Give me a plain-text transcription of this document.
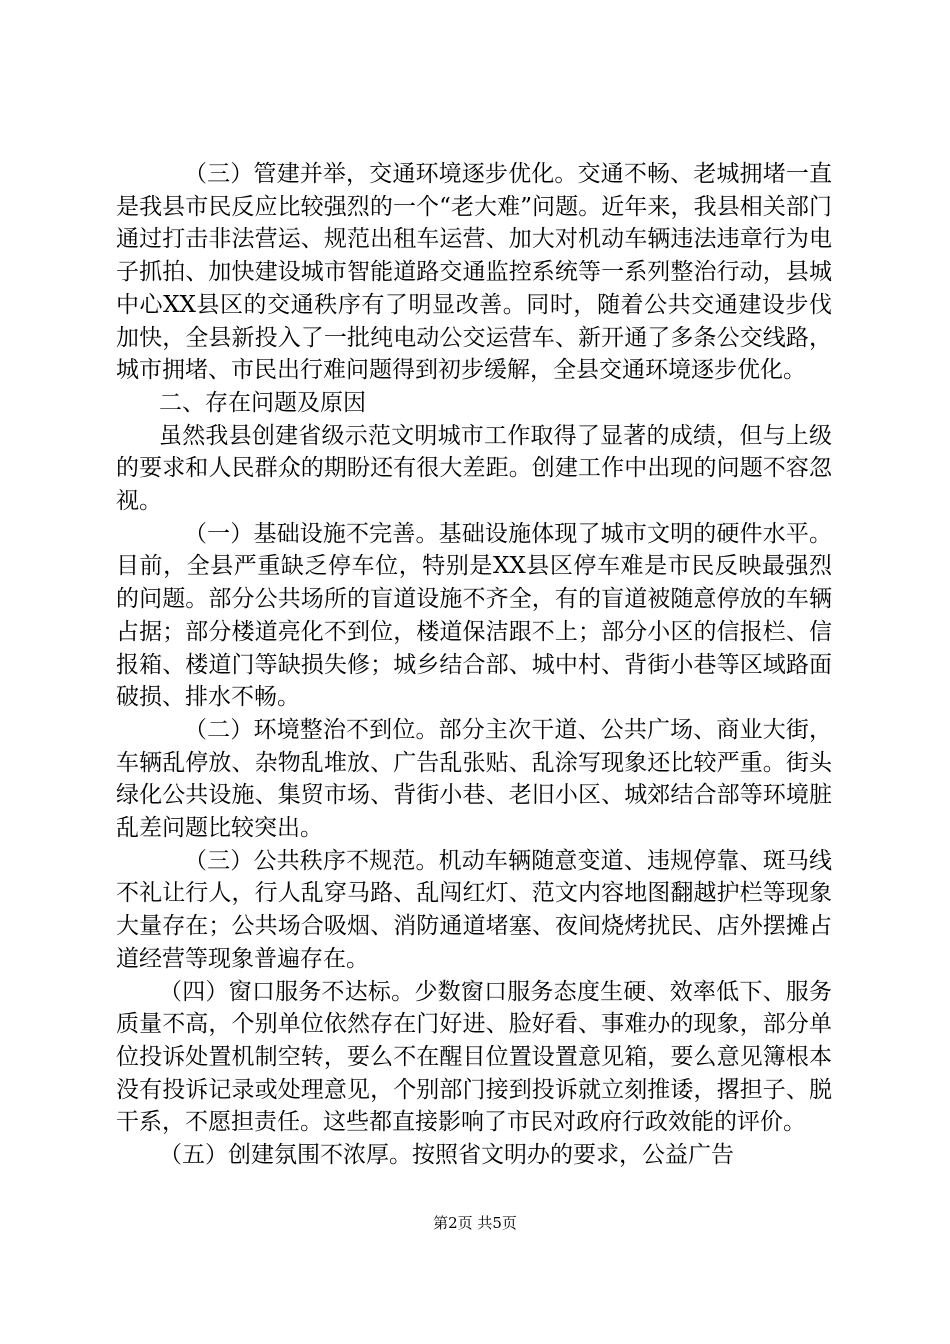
（三）管建并举，交通环境逐步优化。交通不畅、老城拥堵一直是我县市民反应比较强烈的一个“老大难”问题。近年来，我县相关部门通过打击非法营运、规范出租车运营、加大对机动车辆违法违章行为电子抓拍、加快建设城市智能道路交通监控系统等一系列整治行动，县城中心XX县区的交通秩序有了明显改善。同时，随着公共交通建设步伐加快，全县新投入了一批纯电动公交运营车、新开通了多条公交线路，城市拥堵、市民出行难问题得到初步缓解，全县交通环境逐步优化。

二、存在问题及原因

虽然我县创建省级示范文明城市工作取得了显著的成绩，但与上级的要求和人民群众的期盼还有很大差距。创建工作中出现的问题不容忽视。

（一）基础设施不完善。基础设施体现了城市文明的硬件水平。目前，全县严重缺乏停车位，特别是XX县区停车难是市民反映最强烈的问题。部分公共场所的盲道设施不齐全，有的盲道被随意停放的车辆占据；部分楼道亮化不到位，楼道保洁跟不上；部分小区的信报栏、信报箱、楼道门等缺损失修；城乡结合部、城中村、背街小巷等区域路面破损、排水不畅。

（二）环境整治不到位。部分主次干道、公共广场、商业大街，车辆乱停放、杂物乱堆放、广告乱张贴、乱涂写现象还比较严重。街头绿化公共设施、集贸市场、背街小巷、老旧小区、城郊结合部等环境脏乱差问题比较突出。

（三）公共秩序不规范。机动车辆随意变道、违规停靠、斑马线不礼让行人，行人乱穿马路、乱闯红灯、范文内容地图翻越护栏等现象大量存在；公共场合吸烟、消防通道堵塞、夜间烧烤扰民、店外摆摊占道经营等现象普遍存在。

（四）窗口服务不达标。少数窗口服务态度生硬、效率低下、服务质量不高，个别单位依然存在门好进、脸好看、事难办的现象，部分单位投诉处置机制空转，要么不在醒目位置设置意见箱，要么意见簿根本没有投诉记录或处理意见，个别部门接到投诉就立刻推诿，撂担子、脱干系，不愿担责任。这些都直接影响了市民对政府行政效能的评价。

（五）创建氛围不浓厚。按照省文明办的要求，公益广告

第2页 共5页
